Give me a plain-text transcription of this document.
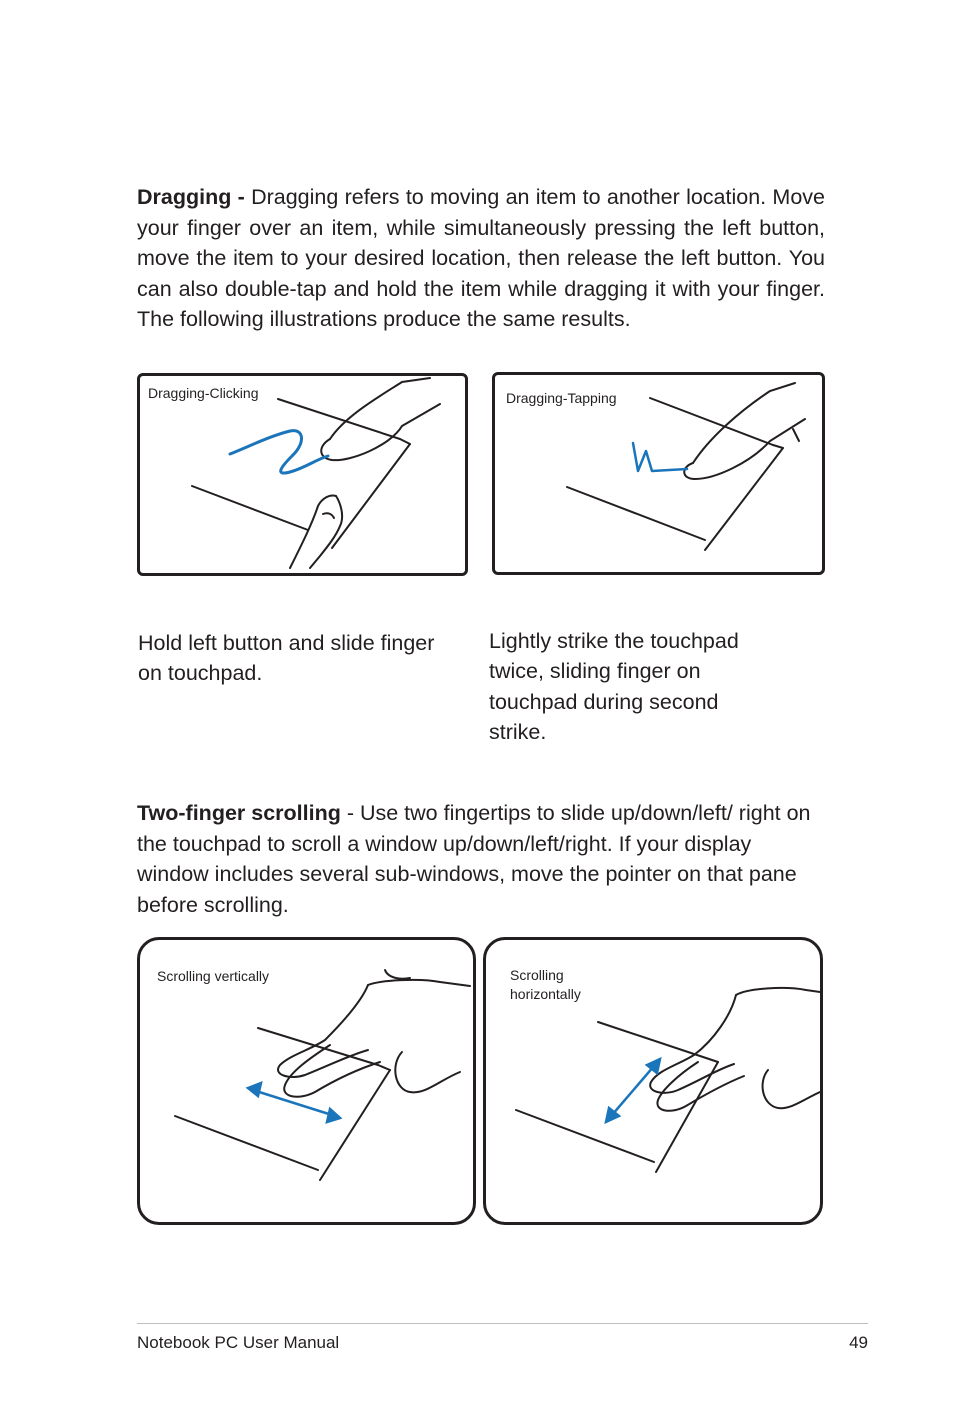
Dragging - Dragging refers to moving an item to another location. Move your finger over an item, while simultaneously pressing the left button, move the item to your desired location, then release the left button. You can also double-tap and hold the item while dragging it with your finger. The following illustrations produce the same results.

Dragging-Clicking	Dragging-Tapping

Hold left button and slide finger on touchpad.

Lightly strike the touchpad twice, sliding finger on touchpad during second strike.

Two-finger scrolling - Use two fingertips to slide up/down/left/ right on the touchpad to scroll a window up/down/left/right. If your display window includes several sub-windows, move the pointer on that pane before scrolling.

Scrolling vertically	Scrolling horizontally

Notebook PC User Manual	49
